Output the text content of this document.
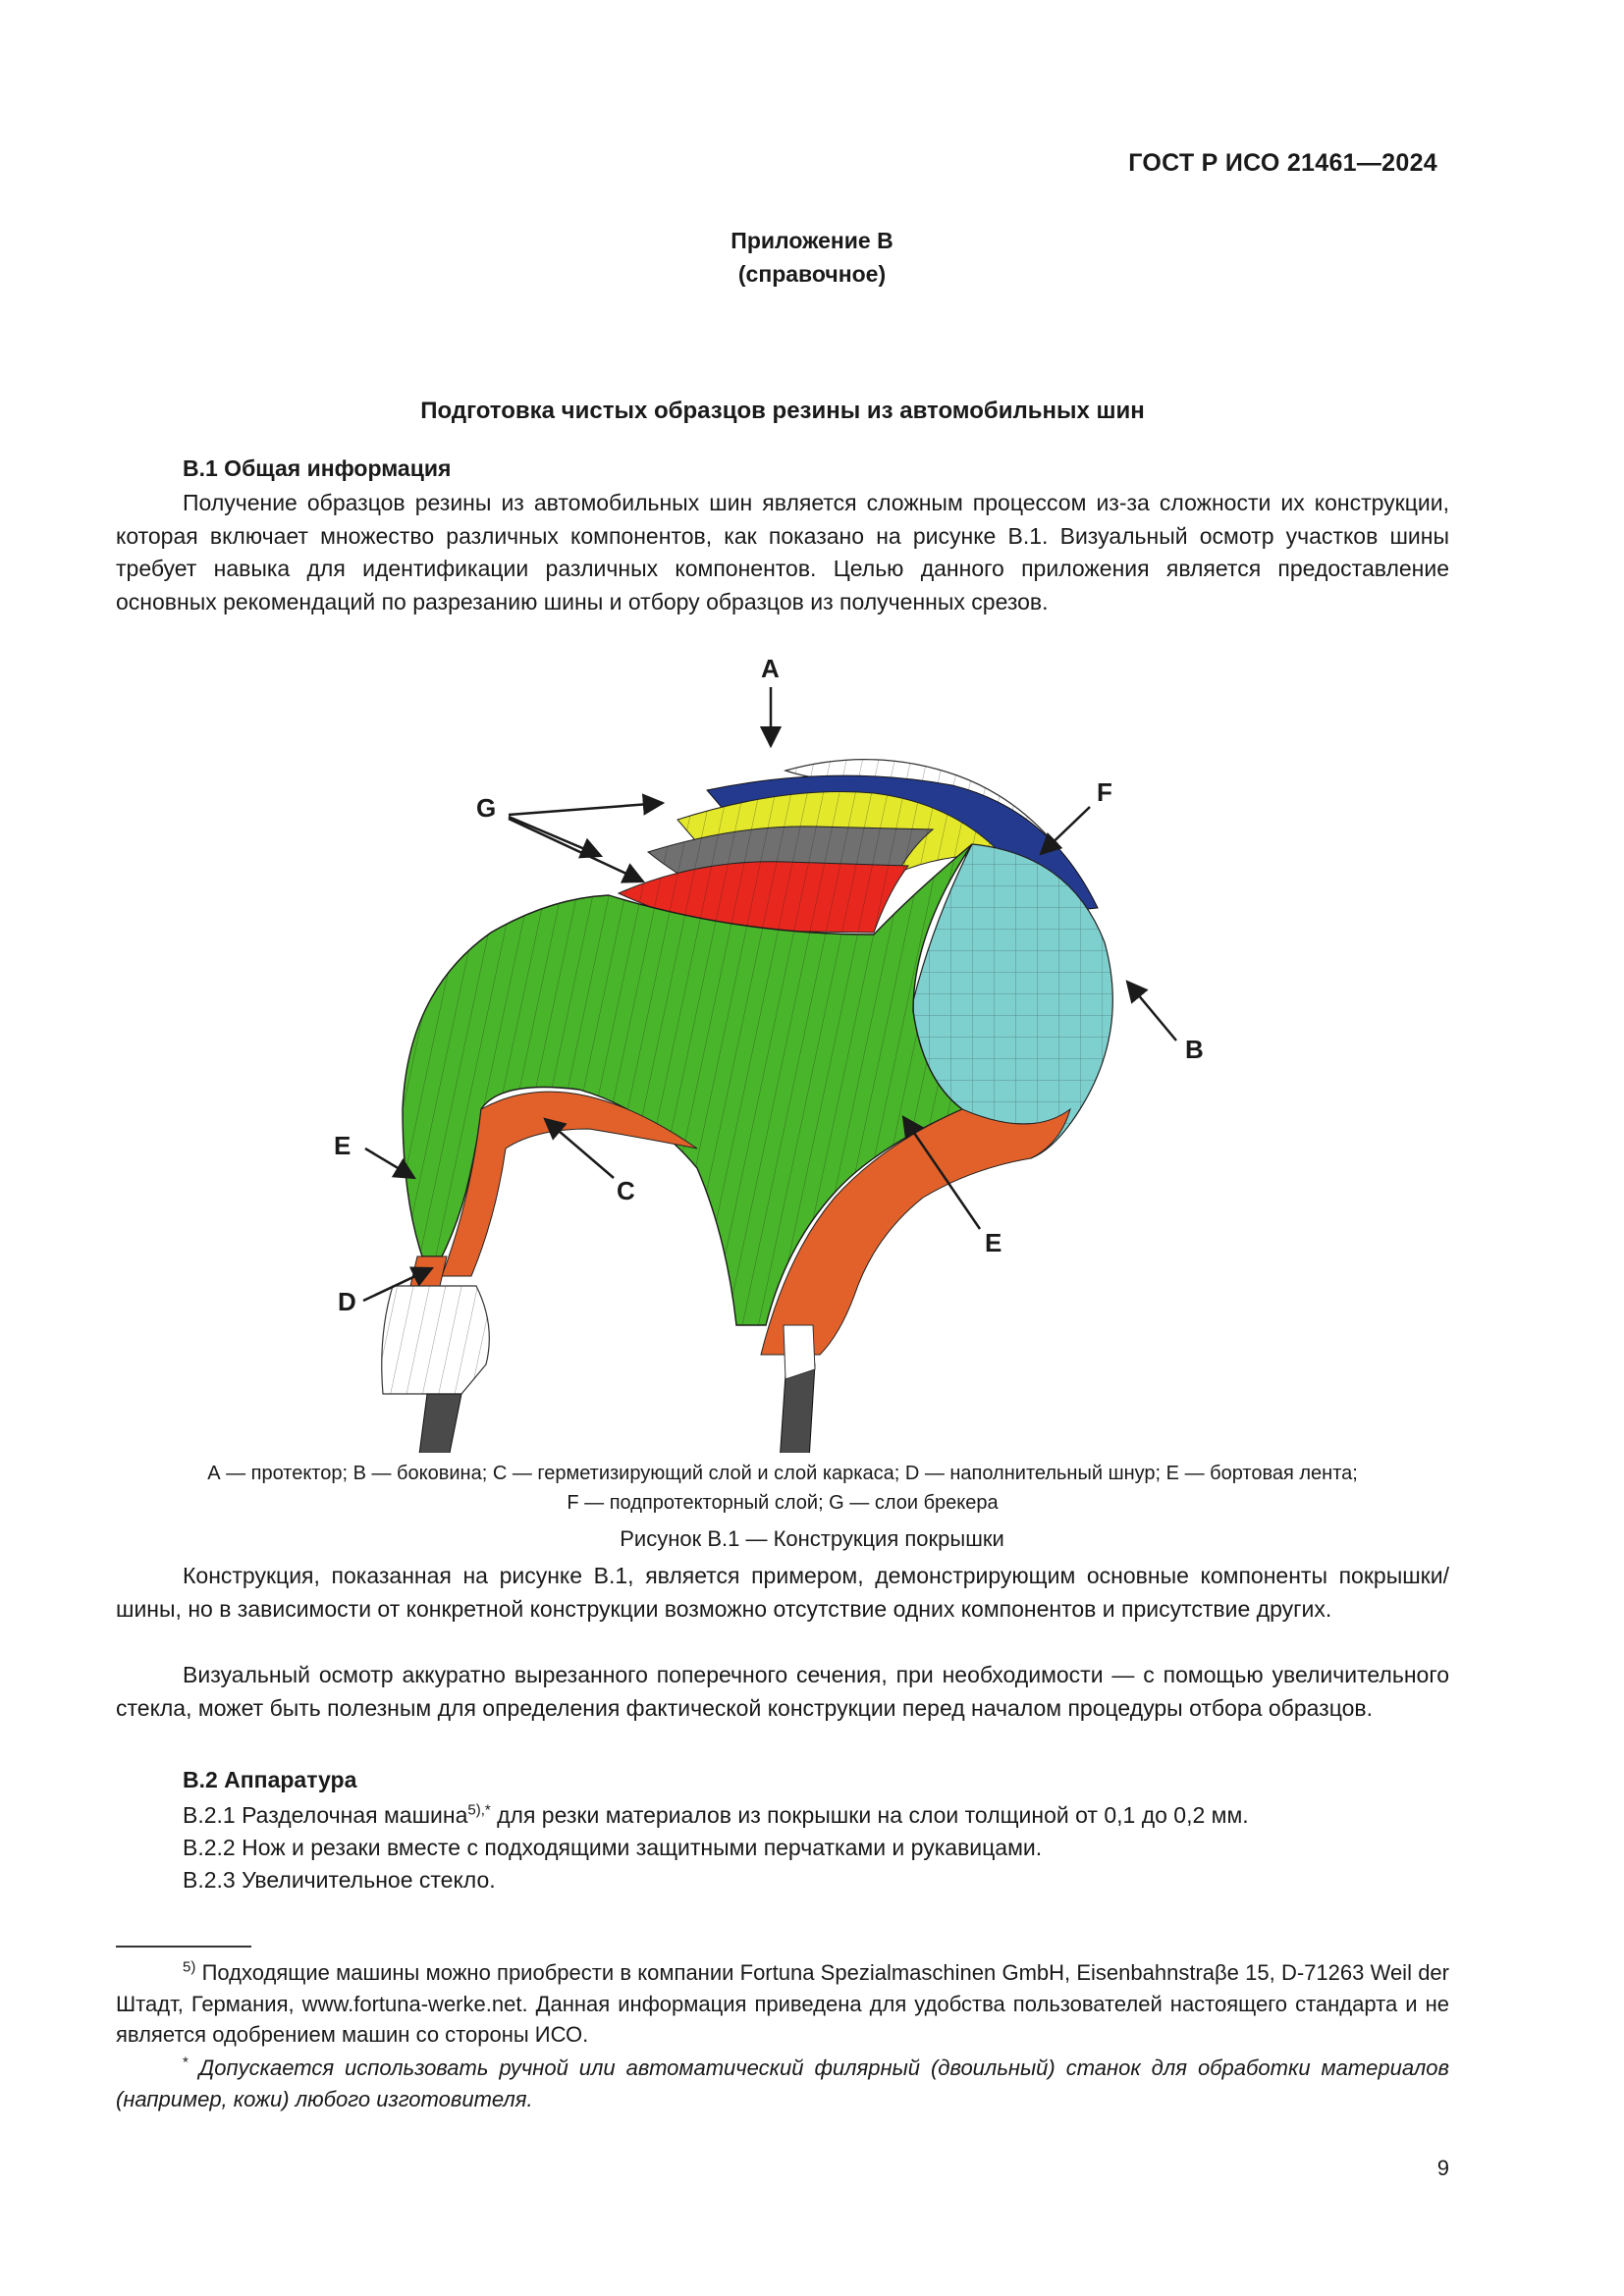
ГОСТ Р ИСО 21461—2024
Приложение В
(справочное)
Подготовка чистых образцов резины из автомобильных шин
В.1 Общая информация
Получение образцов резины из автомобильных шин является сложным процессом из-за сложности их конструкции, которая включает множество различных компонентов, как показано на рисунке В.1. Визуальный осмотр участков шины требует навыка для идентификации различных компонентов. Целью данного приложения является предоставление основных рекомендаций по разрезанию шины и отбору образцов из полученных срезов.
A
F
G
B
C
E
E
D
А — протектор; В — боковина; С — герметизирующий слой и слой каркаса; D — наполнительный шнур; Е — бортовая лента;
F — подпротекторный слой; G — слои брекера
Рисунок В.1 — Конструкция покрышки
Конструкция, показанная на рисунке В.1, является примером, демонстрирующим основные компоненты покрышки/шины, но в зависимости от конкретной конструкции возможно отсутствие одних компонентов и присутствие других.
Визуальный осмотр аккуратно вырезанного поперечного сечения, при необходимости — с помощью увеличительного стекла, может быть полезным для определения фактической конструкции перед началом процедуры отбора образцов.
В.2 Аппаратура
В.2.1 Разделочная машина$^{5),*}$ для резки материалов из покрышки на слои толщиной от 0,1 до 0,2 мм.
В.2.2 Нож и резаки вместе с подходящими защитными перчатками и рукавицами.
В.2.3 Увеличительное стекло.
$^{5)}$ Подходящие машины можно приобрести в компании Fortuna Spezialmaschinen GmbH, Eisenbahnstraβe 15, D-71263 Weil der Штадт, Германия, www.fortuna-werke.net. Данная информация приведена для удобства пользователей настоящего стандарта и не является одобрением машин со стороны ИСО.
* Допускается использовать ручной или автоматический филярный (двоильный) станок для обработки материалов (например, кожи) любого изготовителя.
9
